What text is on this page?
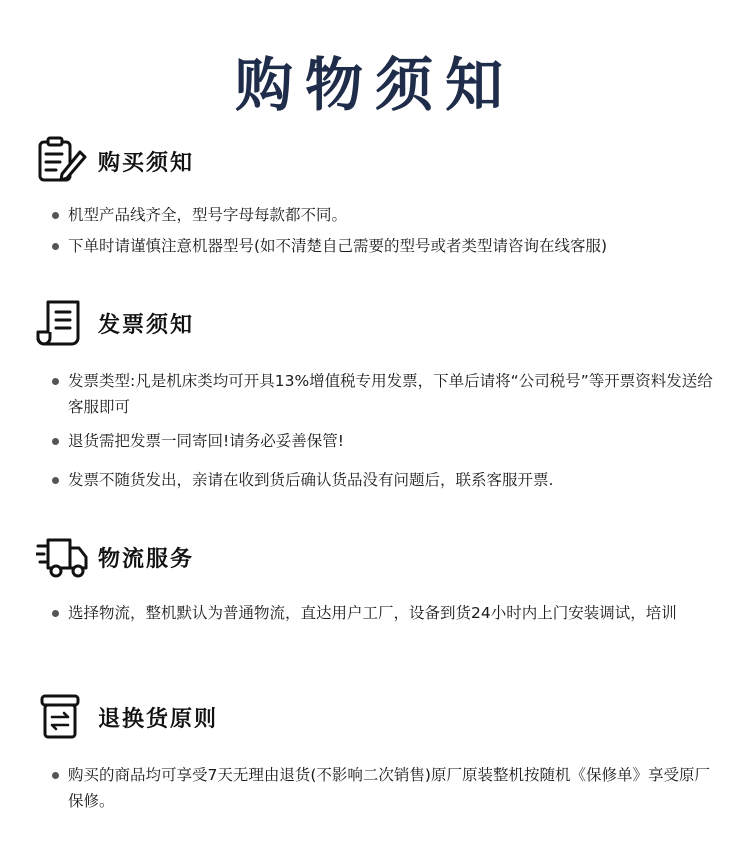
购物须知
购买须知
机型产品线齐全，型号字母每款都不同。
下单时请谨慎注意机器型号(如不清楚自己需要的型号或者类型请咨询在线客服)
发票须知
发票类型:凡是机床类均可开具13%增值税专用发票，下单后请将“公司税号”等开票资料发送给客服即可
退货需把发票一同寄回!请务必妥善保管!
发票不随货发出，亲请在收到货后确认货品没有问题后，联系客服开票.
物流服务
选择物流，整机默认为普通物流，直达用户工厂，设备到货24小时内上门安装调试，培训
退换货原则
购买的商品均可享受7天无理由退货(不影响二次销售)原厂原装整机按随机《保修单》享受原厂保修。
